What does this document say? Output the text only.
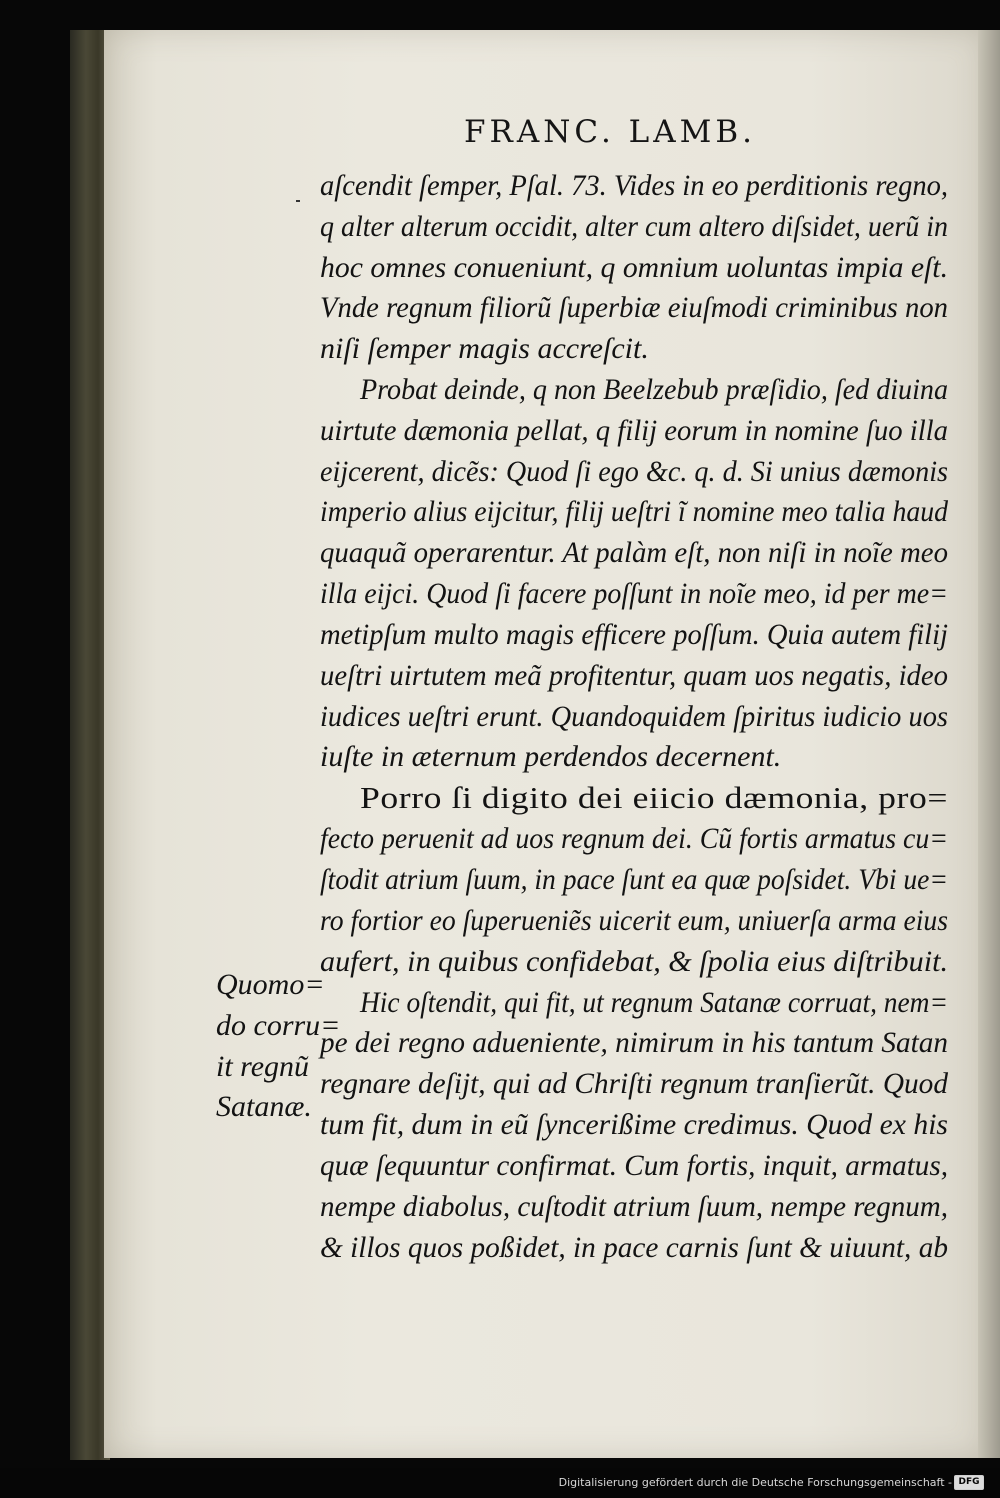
FRANC. LAMB.
aſcendit ſemper, Pſal. 73. Vides in eo perditionis regno,
q alter alterum occidit, alter cum altero diſsidet, uerũ in
hoc omnes conueniunt, q omnium uoluntas impia eſt.
Vnde regnum filiorũ ſuperbiæ eiuſmodi criminibus non
niſi ſemper magis accreſcit.
Probat deinde, q non Beelzebub præſidio, ſed diuina
uirtute dæmonia pellat, q filij eorum in nomine ſuo illa
eijcerent, dicẽs: Quod ſi ego &c. q. d. Si unius dæmonis
imperio alius eijcitur, filij ueſtri ĩ nomine meo talia haud
quaquã operarentur. At palàm eſt, non niſi in noĩe meo
illa eijci. Quod ſi facere poſſunt in noĩe meo, id per me=
metipſum multo magis efficere poſſum. Quia autem filij
ueſtri uirtutem meã profitentur, quam uos negatis, ideo
iudices ueſtri erunt. Quandoquidem ſpiritus iudicio uos
iuſte in æternum perdendos decernent.
Porro ſi digito dei eiicio dæmonia, pro=
fecto peruenit ad uos regnum dei. Cũ fortis armatus cu=
ſtodit atrium ſuum, in pace ſunt ea quæ poſsidet. Vbi ue=
ro fortior eo ſuperueniẽs uicerit eum, uniuerſa arma eius
aufert, in quibus confidebat, & ſpolia eius diſtribuit.
Hic oſtendit, qui fit, ut regnum Satanæ corruat, nem=
pe dei regno adueniente, nimirum in his tantum Satan
regnare deſijt, qui ad Chriſti regnum tranſierũt. Quod
tum fit, dum in eũ ſyncerißime credimus. Quod ex his
quæ ſequuntur confirmat. Cum fortis, inquit, armatus,
nempe diabolus, cuſtodit atrium ſuum, nempe regnum,
& illos quos poßidet, in pace carnis ſunt & uiuunt, ab
Quomo=
do corru=
it regnũ
Satanæ.
Digitalisierung gefördert durch die Deutsche Forschungsgemeinschaft - DFG
